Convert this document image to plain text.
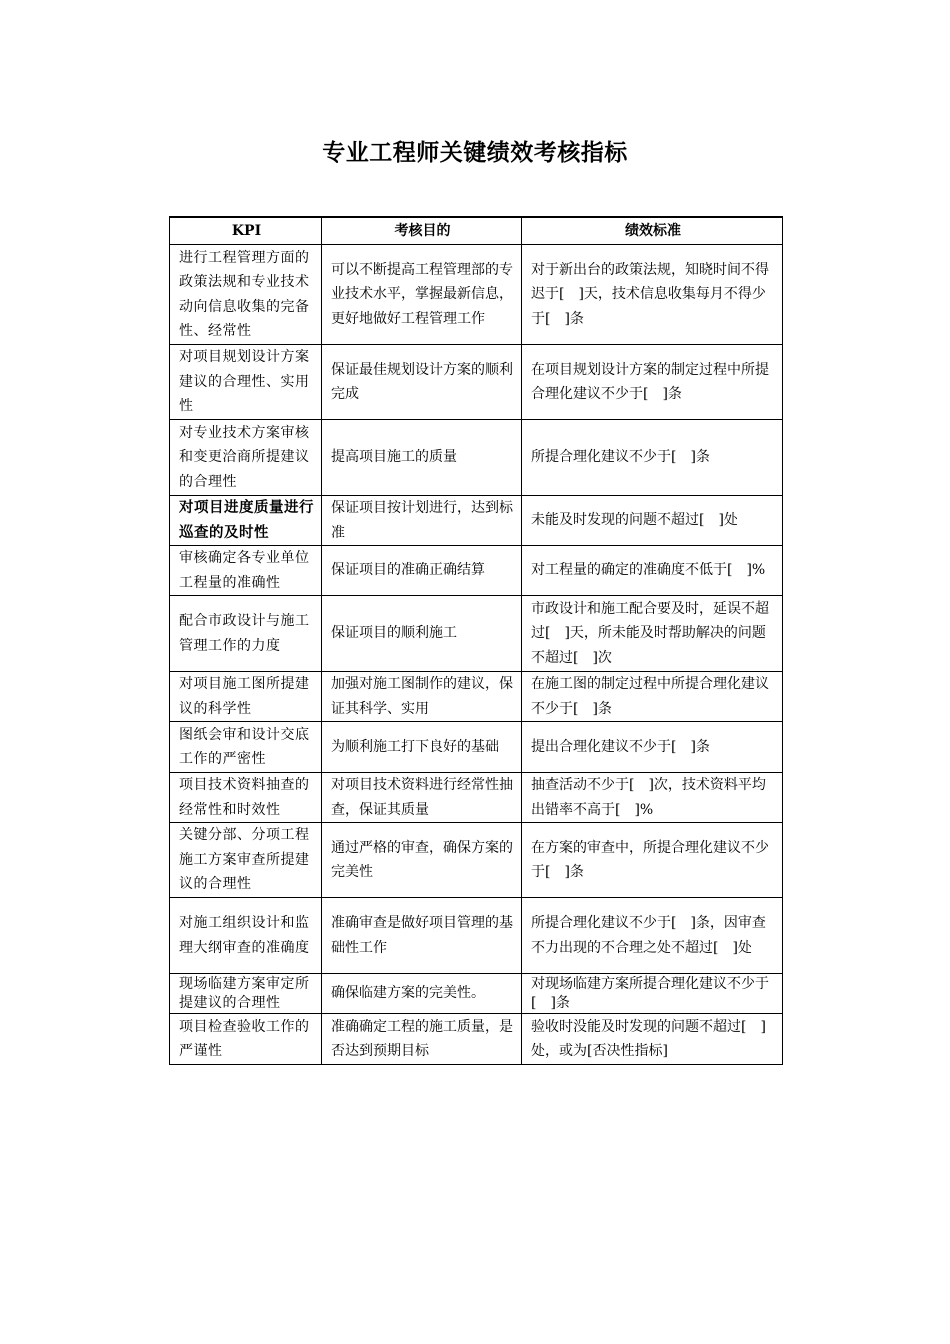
专业工程师关键绩效考核指标
KPI	考核目的	绩效标准
进行工程管理方面的政策法规和专业技术动向信息收集的完备性、经常性	可以不断提高工程管理部的专业技术水平，掌握最新信息，更好地做好工程管理工作	对于新出台的政策法规，知晓时间不得迟于[　]天，技术信息收集每月不得少于[　]条
对项目规划设计方案建议的合理性、实用性	保证最佳规划设计方案的顺利完成	在项目规划设计方案的制定过程中所提合理化建议不少于[　]条
对专业技术方案审核和变更洽商所提建议的合理性	提高项目施工的质量	所提合理化建议不少于[　]条
对项目进度质量进行巡查的及时性	保证项目按计划进行，达到标准	未能及时发现的问题不超过[　]处
审核确定各专业单位工程量的准确性	保证项目的准确正确结算	对工程量的确定的准确度不低于[　]%
配合市政设计与施工管理工作的力度	保证项目的顺利施工	市政设计和施工配合要及时，延误不超过[　]天，所未能及时帮助解决的问题不超过[　]次
对项目施工图所提建议的科学性	加强对施工图制作的建议，保证其科学、实用	在施工图的制定过程中所提合理化建议不少于[　]条
图纸会审和设计交底工作的严密性	为顺利施工打下良好的基础	提出合理化建议不少于[　]条
项目技术资料抽查的经常性和时效性	对项目技术资料进行经常性抽查，保证其质量	抽查活动不少于[　]次，技术资料平均出错率不高于[　]%
关键分部、分项工程施工方案审查所提建议的合理性	通过严格的审查，确保方案的完美性	在方案的审查中，所提合理化建议不少于[　]条
对施工组织设计和监理大纲审查的准确度	准确审查是做好项目管理的基础性工作	所提合理化建议不少于[　]条，因审查不力出现的不合理之处不超过[　]处
现场临建方案审定所提建议的合理性	确保临建方案的完美性。	对现场临建方案所提合理化建议不少于[　]条
项目检查验收工作的严谨性	准确确定工程的施工质量，是否达到预期目标	验收时没能及时发现的问题不超过[　]处，或为[否决性指标]
